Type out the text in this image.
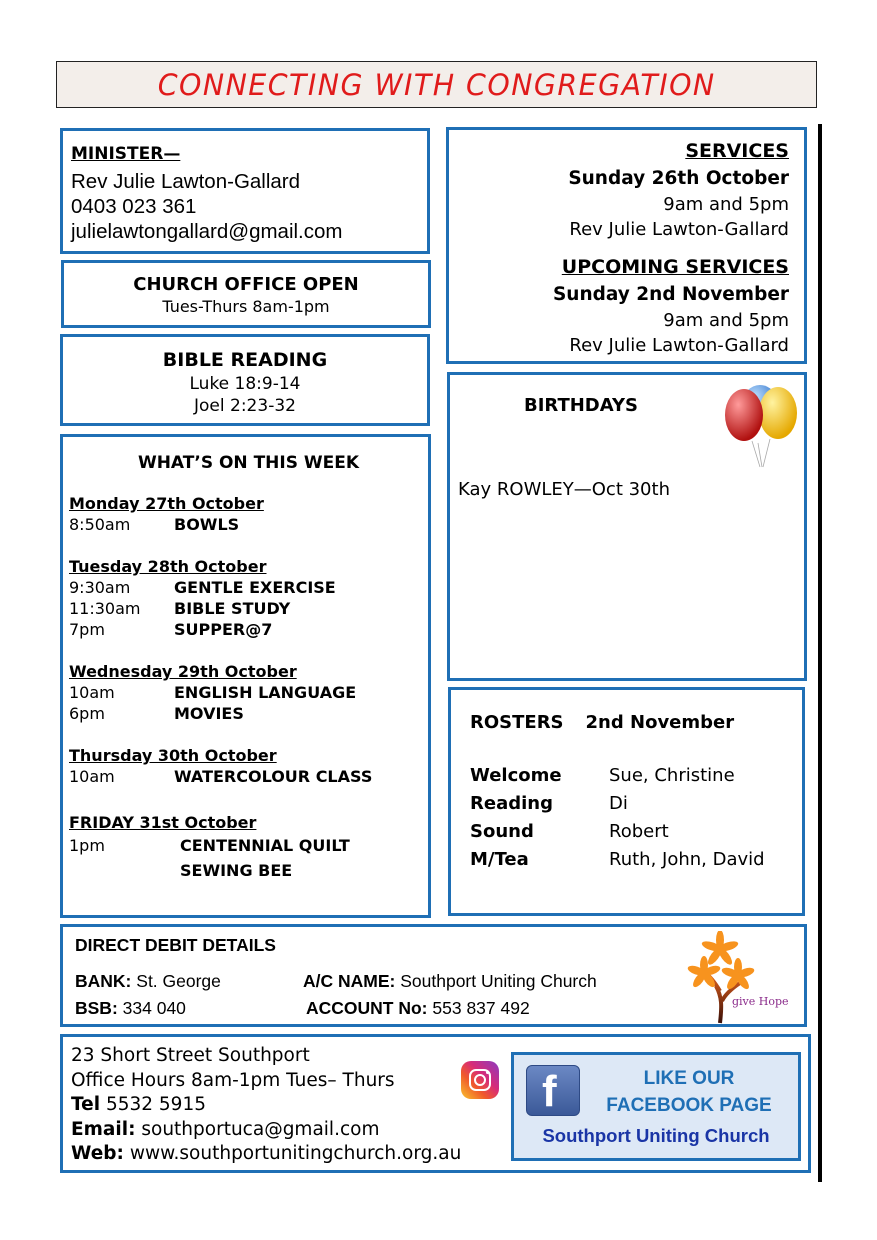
CONNECTING WITH CONGREGATION
MINISTER—
Rev Julie Lawton-Gallard
0403 023 361
julielawtongallard@gmail.com
CHURCH OFFICE OPEN
Tues-Thurs 8am-1pm
BIBLE READING
Luke 18:9-14
Joel 2:23-32
WHAT’S ON THIS WEEK
Monday 27th October
8:50am	BOWLS
Tuesday 28th October
9:30am	GENTLE EXERCISE
11:30am	BIBLE STUDY
7pm	SUPPER@7
Wednesday 29th October
10am	ENGLISH LANGUAGE
6pm	MOVIES
Thursday 30th October
10am	WATERCOLOUR CLASS
FRIDAY 31st October
1pm	CENTENNIAL QUILT
SEWING BEE
SERVICES
Sunday 26th October
9am and 5pm
Rev Julie Lawton-Gallard
UPCOMING SERVICES
Sunday 2nd November
9am and 5pm
Rev Julie Lawton-Gallard
BIRTHDAYS
Kay ROWLEY—Oct 30th
ROSTERS 2nd November
Welcome	Sue, Christine
Reading	Di
Sound	Robert
M/Tea	Ruth, John, David
DIRECT DEBIT DETAILS
BANK: St. George	A/C NAME: Southport Uniting Church
BSB: 334 040	ACCOUNT No: 553 837 492	give Hope
23 Short Street Southport
Office Hours 8am-1pm Tues– Thurs
Tel 5532 5915
Email: southportuca@gmail.com
Web: www.southportunitingchurch.org.au
f	LIKE OUR
FACEBOOK PAGE
Southport Uniting Church
